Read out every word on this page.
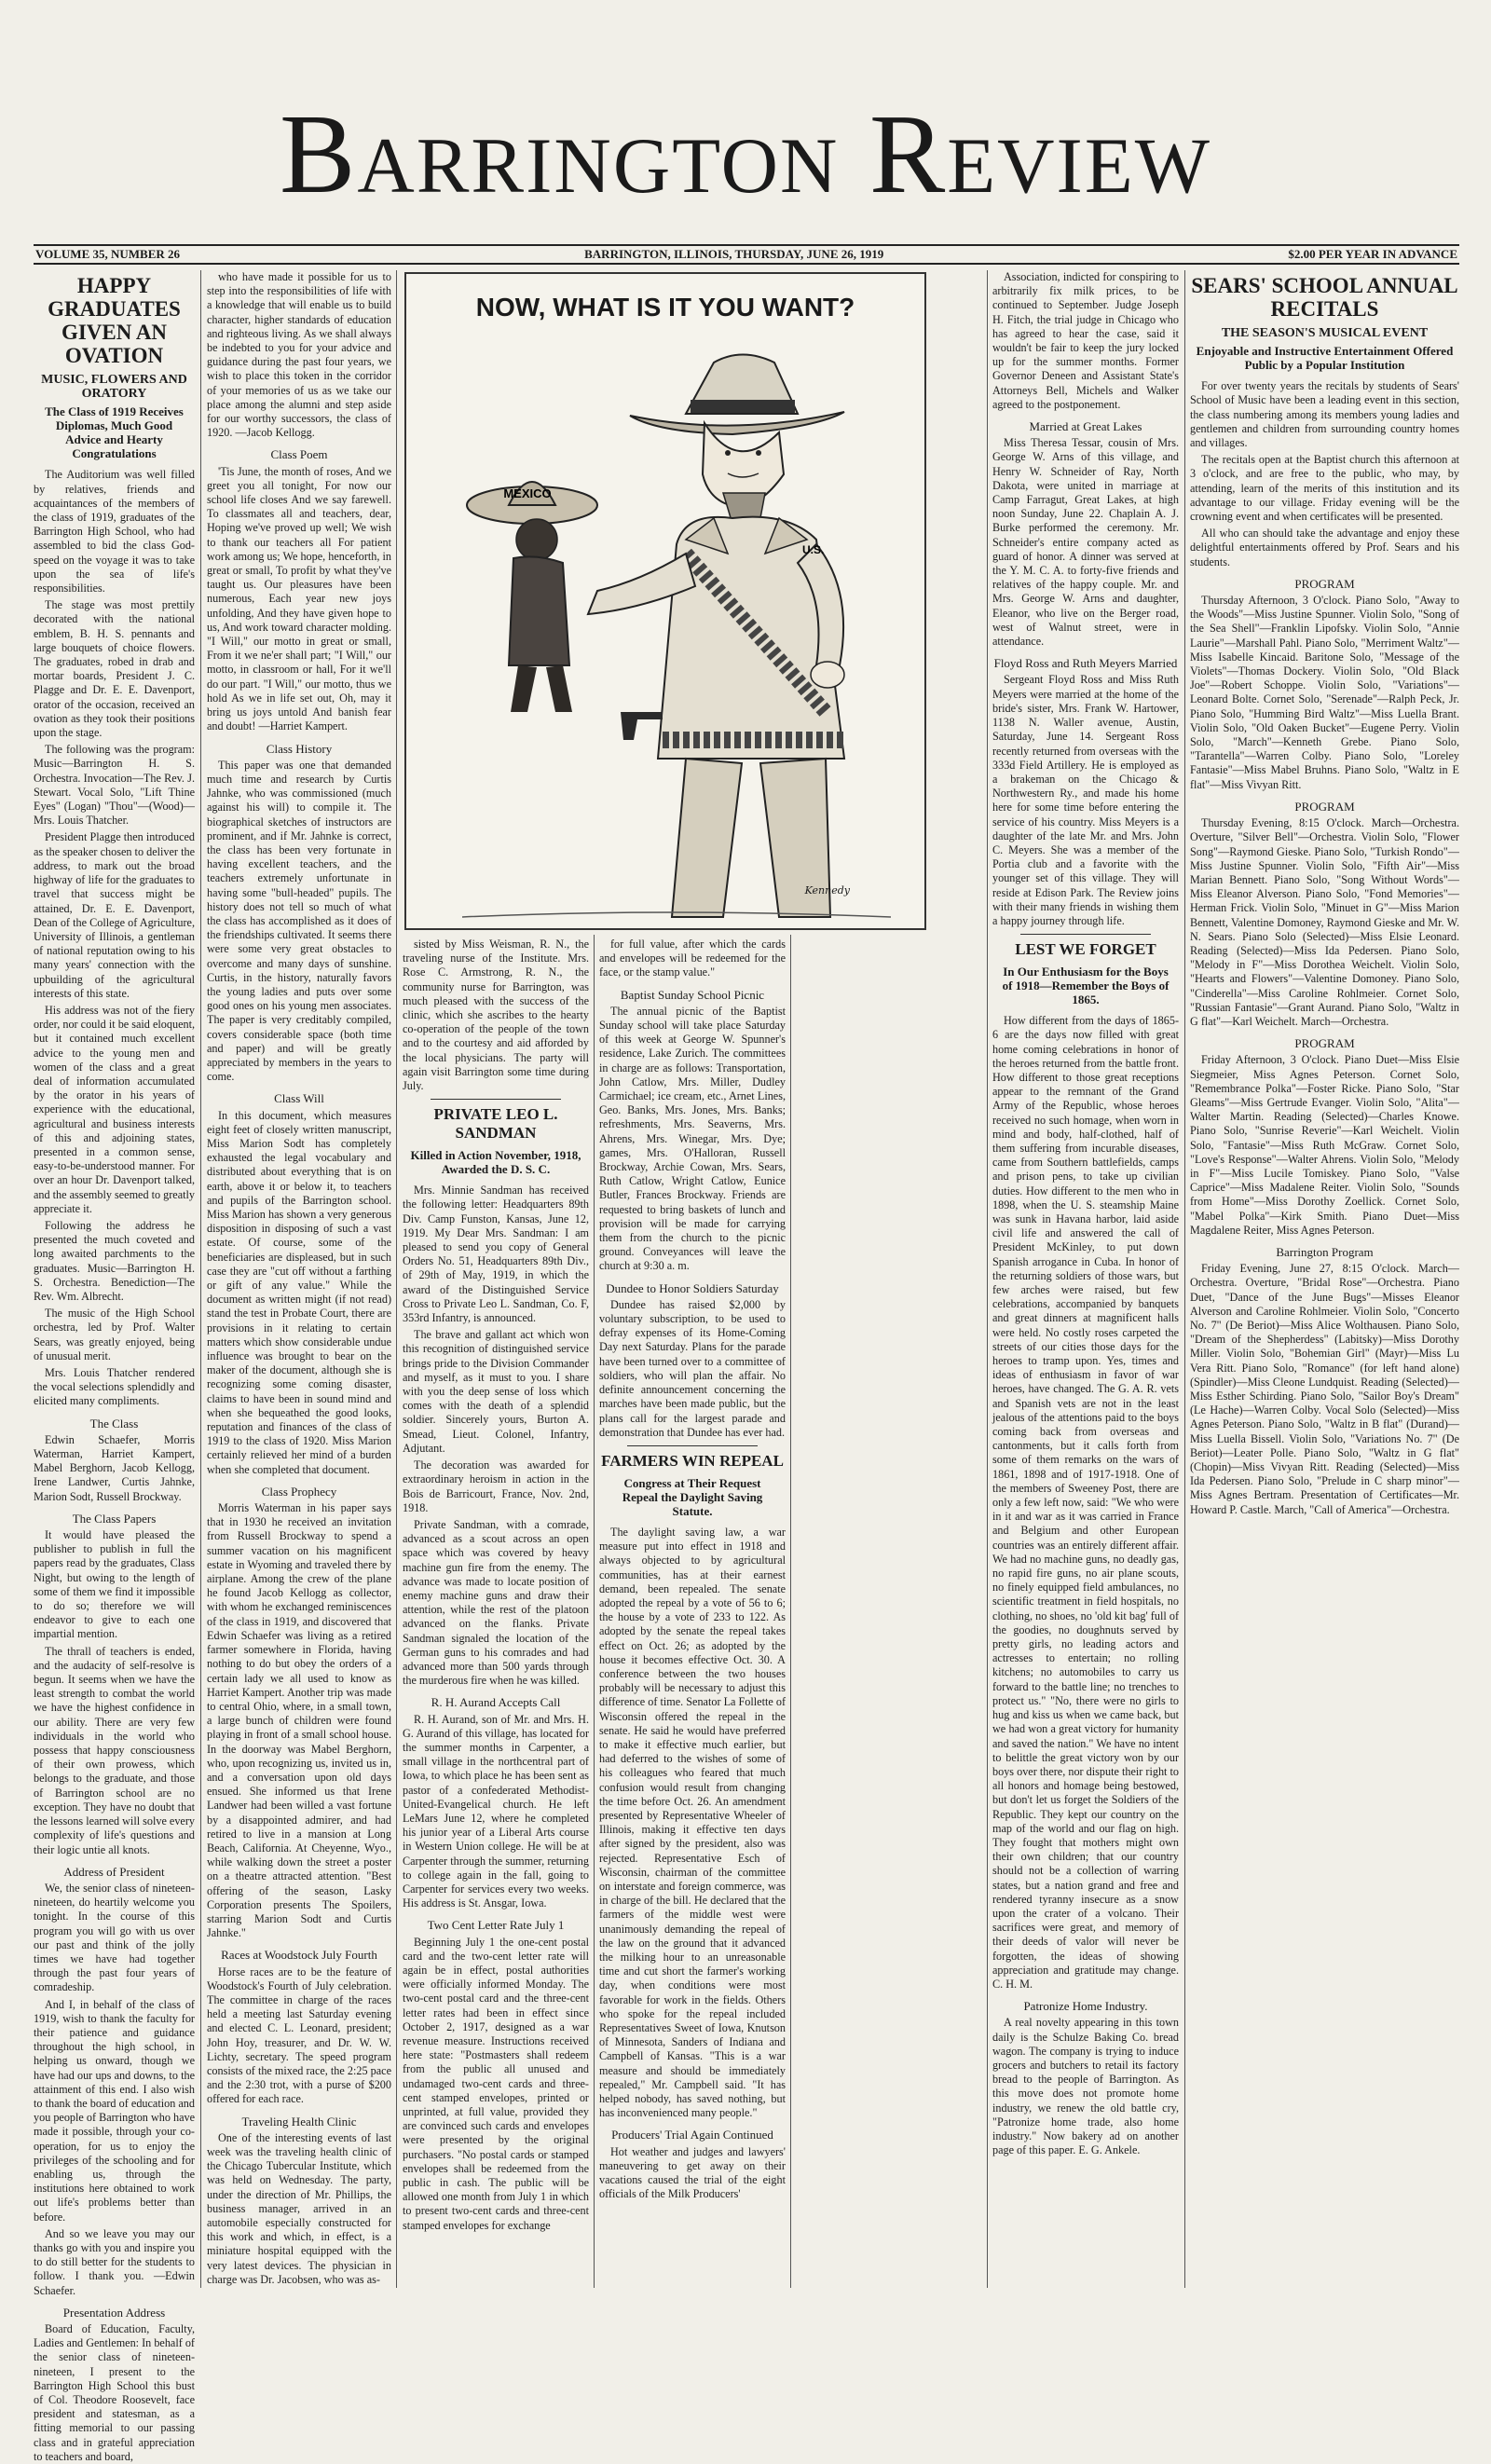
Barrington Review
VOLUME 35, NUMBER 26	BARRINGTON, ILLINOIS, THURSDAY, JUNE 26, 1919	$2.00 PER YEAR IN ADVANCE
HAPPY GRADUATES GIVEN AN OVATION
MUSIC, FLOWERS AND ORATORY
The Class of 1919 Receives Diplomas, Much Good Advice and Hearty Congratulations

The Auditorium was well filled by relatives, friends and acquaintances of the members of the class of 1919, graduates of the Barrington High School, who had assembled to bid the class God-speed on the voyage it was to take upon the sea of life's responsibilities.

The stage was most prettily decorated with the national emblem, B. H. S. pennants and large bouquets of choice flowers. The graduates, robed in drab and mortar boards, President J. C. Plagge and Dr. E. E. Davenport, orator of the occasion, received an ovation as they took their positions upon the stage.

The following was the program: Music—Barrington H. S. Orchestra. Invocation—The Rev. J. Stewart. Vocal Solo, "Lift Thine Eyes" (Logan) "Thou"—(Wood)—Mrs. Louis Thatcher.

President Plagge then introduced as the speaker chosen to deliver the address, to mark out the broad highway of life for the graduates to travel that success might be attained, Dr. E. E. Davenport, Dean of the College of Agriculture, University of Illinois, a gentleman of national reputation owing to his many years' connection with the upbuilding of the agricultural interests of this state.

His address was not of the fiery order, nor could it be said eloquent, but it contained much excellent advice to the young men and women of the class and a great deal of information accumulated by the orator in his years of experience with the educational, agricultural and business interests of this and adjoining states, presented in a common sense, easy-to-be-understood manner. For over an hour Dr. Davenport talked, and the assembly seemed to greatly appreciate it.

Following the address he presented the much coveted and long awaited parchments to the graduates. Music—Barrington H. S. Orchestra. Benediction—The Rev. Wm. Albrecht.

The music of the High School orchestra, led by Prof. Walter Sears, was greatly enjoyed, being of unusual merit.

Mrs. Louis Thatcher rendered the vocal selections splendidly and elicited many compliments.

The Class

Edwin Schaefer, Morris Waterman, Harriet Kampert, Mabel Berghorn, Jacob Kellogg, Irene Landwer, Curtis Jahnke, Marion Sodt, Russell Brockway.

The Class Papers

It would have pleased the publisher to publish in full the papers read by the graduates, Class Night, but owing to the length of some of them we find it impossible to do so; therefore we will endeavor to give to each one impartial mention.

The thrall of teachers is ended, and the audacity of self-resolve is begun. It seems when we have the least strength to combat the world we have the highest confidence in our ability. There are very few individuals in the world who possess that happy consciousness of their own prowess, which belongs to the graduate, and those of Barrington school are no exception. They have no doubt that the lessons learned will solve every complexity of life's questions and their logic untie all knots.

Address of President

We, the senior class of nineteen-nineteen, do heartily welcome you tonight. In the course of this program you will go with us over our past and think of the jolly times we have had together through the past four years of comradeship.

And I, in behalf of the class of 1919, wish to thank the faculty for their patience and guidance throughout the high school, in helping us onward, though we have had our ups and downs, to the attainment of this end. I also wish to thank the board of education and you people of Barrington who have made it possible, through your co-operation, for us to enjoy the privileges of the schooling and for enabling us, through the institutions here obtained to work out life's problems better than before.

And so we leave you may our thanks go with you and inspire you to do still better for the students to follow. I thank you. —Edwin Schaefer.

Presentation Address

Board of Education, Faculty, Ladies and Gentlemen: In behalf of the senior class of nineteen-nineteen, I present to the Barrington High School this bust of Col. Theodore Roosevelt, face president and statesman, as a fitting memorial to our passing class and in grateful appreciation to teachers and board,

who have made it possible for us to step into the responsibilities of life with a knowledge that will enable us to build character, higher standards of education and righteous living. As we shall always be indebted to you for your advice and guidance during the past four years, we wish to place this token in the corridor of your memories of us as we take our place among the alumni and step aside for our worthy successors, the class of 1920. —Jacob Kellogg.

Class Poem

'Tis June, the month of roses, And we greet you all tonight, For now our school life closes And we say farewell. To classmates all and teachers, dear, Hoping we've proved up well; We wish to thank our teachers all For patient work among us; We hope, henceforth, in great or small, To profit by what they've taught us. Our pleasures have been numerous, Each year new joys unfolding, And they have given hope to us, And work toward character molding. "I Will," our motto in great or small, From it we ne'er shall part; "I Will," our motto, in classroom or hall, For it we'll do our part. "I Will," our motto, thus we hold As we in life set out, Oh, may it bring us joys untold And banish fear and doubt! —Harriet Kampert.

Class History

This paper was one that demanded much time and research by Curtis Jahnke, who was commissioned (much against his will) to compile it. The biographical sketches of instructors are prominent, and if Mr. Jahnke is correct, the class has been very fortunate in having excellent teachers, and the teachers extremely unfortunate in having some "bull-headed" pupils. The history does not tell so much of what the class has accomplished as it does of the friendships cultivated. It seems there were some very great obstacles to overcome and many days of sunshine. Curtis, in the history, naturally favors the young ladies and puts over some good ones on his young men associates. The paper is very creditably compiled, covers considerable space (both time and paper) and will be greatly appreciated by members in the years to come.

Class Will

In this document, which measures eight feet of closely written manuscript, Miss Marion Sodt has completely exhausted the legal vocabulary and distributed about everything that is on earth, above it or below it, to teachers and pupils of the Barrington school. Miss Marion has shown a very generous disposition in disposing of such a vast estate. Of course, some of the beneficiaries are displeased, but in such case they are "cut off without a farthing or gift of any value." While the document as written might (if not read) stand the test in Probate Court, there are provisions in it relating to certain matters which show considerable undue influence was brought to bear on the maker of the document, although she is recognizing some coming disaster, claims to have been in sound mind and when she bequeathed the good looks, reputation and finances of the class of 1919 to the class of 1920. Miss Marion certainly relieved her mind of a burden when she completed that document.

Class Prophecy

Morris Waterman in his paper says that in 1930 he received an invitation from Russell Brockway to spend a summer vacation on his magnificent estate in Wyoming and traveled there by airplane. Among the crew of the plane he found Jacob Kellogg as collector, with whom he exchanged reminiscences of the class in 1919, and discovered that Edwin Schaefer was living as a retired farmer somewhere in Florida, having nothing to do but obey the orders of a certain lady we all used to know as Harriet Kampert. Another trip was made to central Ohio, where, in a small town, a large bunch of children were found playing in front of a small school house. In the doorway was Mabel Berghorn, who, upon recognizing us, invited us in, and a conversation upon old days ensued. She informed us that Irene Landwer had been willed a vast fortune by a disappointed admirer, and had retired to live in a mansion at Long Beach, California. At Cheyenne, Wyo., while walking down the street a poster on a theatre attracted attention. "Best offering of the season, Lasky Corporation presents The Spoilers, starring Marion Sodt and Curtis Jahnke."

Races at Woodstock July Fourth

Horse races are to be the feature of Woodstock's Fourth of July celebration. The committee in charge of the races held a meeting last Saturday evening and elected C. L. Leonard, president; John Hoy, treasurer, and Dr. W. W. Lichty, secretary. The speed program consists of the mixed race, the 2:25 pace and the 2:30 trot, with a purse of $200 offered for each race.

Traveling Health Clinic

One of the interesting events of last week was the traveling health clinic of the Chicago Tubercular Institute, which was held on Wednesday. The party, under the direction of Mr. Phillips, the business manager, arrived in an automobile especially constructed for this work and which, in effect, is a miniature hospital equipped with the very latest devices. The physician in charge was Dr. Jacobsen, who was as-

MEXICO
U.S.
NOW, WHAT IS IT YOU WANT?
Kennedy

sisted by Miss Weisman, R. N., the traveling nurse of the Institute. Mrs. Rose C. Armstrong, R. N., the community nurse for Barrington, was much pleased with the success of the clinic, which she ascribes to the hearty co-operation of the people of the town and to the courtesy and aid afforded by the local physicians. The party will again visit Barrington some time during July.

PRIVATE LEO L. SANDMAN
Killed in Action November, 1918, Awarded the D. S. C.

Mrs. Minnie Sandman has received the following letter: Headquarters 89th Div. Camp Funston, Kansas, June 12, 1919. My Dear Mrs. Sandman: I am pleased to send you copy of General Orders No. 51, Headquarters 89th Div., of 29th of May, 1919, in which the award of the Distinguished Service Cross to Private Leo L. Sandman, Co. F, 353rd Infantry, is announced.

The brave and gallant act which won this recognition of distinguished service brings pride to the Division Commander and myself, as it must to you. I share with you the deep sense of loss which comes with the death of a splendid soldier. Sincerely yours, Burton A. Smead, Lieut. Colonel, Infantry, Adjutant.

The decoration was awarded for extraordinary heroism in action in the Bois de Barricourt, France, Nov. 2nd, 1918.

Private Sandman, with a comrade, advanced as a scout across an open space which was covered by heavy machine gun fire from the enemy. The advance was made to locate position of enemy machine guns and draw their attention, while the rest of the platoon advanced on the flanks. Private Sandman signaled the location of the German guns to his comrades and had advanced more than 500 yards through the murderous fire when he was killed.

R. H. Aurand Accepts Call

R. H. Aurand, son of Mr. and Mrs. H. G. Aurand of this village, has located for the summer months in Carpenter, a small village in the northcentral part of Iowa, to which place he has been sent as pastor of a confederated Methodist-United-Evangelical church. He left LeMars June 12, where he completed his junior year of a Liberal Arts course in Western Union college. He will be at Carpenter through the summer, returning to college again in the fall, going to Carpenter for services every two weeks. His address is St. Ansgar, Iowa.

Two Cent Letter Rate July 1

Beginning July 1 the one-cent postal card and the two-cent letter rate will again be in effect, postal authorities were officially informed Monday. The two-cent postal card and the three-cent letter rates had been in effect since October 2, 1917, designed as a war revenue measure. Instructions received here state: "Postmasters shall redeem from the public all unused and undamaged two-cent cards and three-cent stamped envelopes, printed or unprinted, at full value, provided they are convinced such cards and envelopes were presented by the original purchasers. "No postal cards or stamped envelopes shall be redeemed from the public in cash. The public will be allowed one month from July 1 in which to present two-cent cards and three-cent stamped envelopes for exchange

for full value, after which the cards and envelopes will be redeemed for the face, or the stamp value."

Baptist Sunday School Picnic

The annual picnic of the Baptist Sunday school will take place Saturday of this week at George W. Spunner's residence, Lake Zurich. The committees in charge are as follows: Transportation, John Catlow, Mrs. Miller, Dudley Carmichael; ice cream, etc., Arnet Lines, Geo. Banks, Mrs. Jones, Mrs. Banks; refreshments, Mrs. Seaverns, Mrs. Ahrens, Mrs. Winegar, Mrs. Dye; games, Mrs. O'Halloran, Russell Brockway, Archie Cowan, Mrs. Sears, Ruth Catlow, Wright Catlow, Eunice Butler, Frances Brockway. Friends are requested to bring baskets of lunch and provision will be made for carrying them from the church to the picnic ground. Conveyances will leave the church at 9:30 a. m.

Dundee to Honor Soldiers Saturday

Dundee has raised $2,000 by voluntary subscription, to be used to defray expenses of its Home-Coming Day next Saturday. Plans for the parade have been turned over to a committee of soldiers, who will plan the affair. No definite announcement concerning the marches have been made public, but the plans call for the largest parade and demonstration that Dundee has ever had.

FARMERS WIN REPEAL
Congress at Their Request Repeal the Daylight Saving Statute.

The daylight saving law, a war measure put into effect in 1918 and always objected to by agricultural communities, has at their earnest demand, been repealed. The senate adopted the repeal by a vote of 56 to 6; the house by a vote of 233 to 122. As adopted by the senate the repeal takes effect on Oct. 26; as adopted by the house it becomes effective Oct. 30. A conference between the two houses probably will be necessary to adjust this difference of time. Senator La Follette of Wisconsin offered the repeal in the senate. He said he would have preferred to make it effective much earlier, but had deferred to the wishes of some of his colleagues who feared that much confusion would result from changing the time before Oct. 26. An amendment presented by Representative Wheeler of Illinois, making it effective ten days after signed by the president, also was rejected. Representative Esch of Wisconsin, chairman of the committee on interstate and foreign commerce, was in charge of the bill. He declared that the farmers of the middle west were unanimously demanding the repeal of the law on the ground that it advanced the milking hour to an unreasonable time and cut short the farmer's working day, when conditions were most favorable for work in the fields. Others who spoke for the repeal included Representatives Sweet of Iowa, Knutson of Minnesota, Sanders of Indiana and Campbell of Kansas. "This is a war measure and should be immediately repealed," Mr. Campbell said. "It has helped nobody, has saved nothing, but has inconvenienced many people."

Producers' Trial Again Continued

Hot weather and judges and lawyers' maneuvering to get away on their vacations caused the trial of the eight officials of the Milk Producers'

Association, indicted for conspiring to arbitrarily fix milk prices, to be continued to September. Judge Joseph H. Fitch, the trial judge in Chicago who has agreed to hear the case, said it wouldn't be fair to keep the jury locked up for the summer months. Former Governor Deneen and Assistant State's Attorneys Bell, Michels and Walker agreed to the postponement.

Married at Great Lakes

Miss Theresa Tessar, cousin of Mrs. George W. Arns of this village, and Henry W. Schneider of Ray, North Dakota, were united in marriage at Camp Farragut, Great Lakes, at high noon Sunday, June 22. Chaplain A. J. Burke performed the ceremony. Mr. Schneider's entire company acted as guard of honor. A dinner was served at the Y. M. C. A. to forty-five friends and relatives of the happy couple. Mr. and Mrs. George W. Arns and daughter, Eleanor, who live on the Berger road, west of Walnut street, were in attendance.

Floyd Ross and Ruth Meyers Married

Sergeant Floyd Ross and Miss Ruth Meyers were married at the home of the bride's sister, Mrs. Frank W. Hartower, 1138 N. Waller avenue, Austin, Saturday, June 14. Sergeant Ross recently returned from overseas with the 333d Field Artillery. He is employed as a brakeman on the Chicago & Northwestern Ry., and made his home here for some time before entering the service of his country. Miss Meyers is a daughter of the late Mr. and Mrs. John C. Meyers. She was a member of the Portia club and a favorite with the younger set of this village. They will reside at Edison Park. The Review joins with their many friends in wishing them a happy journey through life.

LEST WE FORGET
In Our Enthusiasm for the Boys of 1918—Remember the Boys of 1865.

How different from the days of 1865-6 are the days now filled with great home coming celebrations in honor of the heroes returned from the battle front. How different to those great receptions appear to the remnant of the Grand Army of the Republic, whose heroes received no such homage, when worn in mind and body, half-clothed, half of them suffering from incurable diseases, came from Southern battlefields, camps and prison pens, to take up civilian duties. How different to the men who in 1898, when the U. S. steamship Maine was sunk in Havana harbor, laid aside civil life and answered the call of President McKinley, to put down Spanish arrogance in Cuba. In honor of the returning soldiers of those wars, but few arches were raised, but few celebrations, accompanied by banquets and great dinners at magnificent halls were held. No costly roses carpeted the streets of our cities those days for the heroes to tramp upon. Yes, times and ideas of enthusiasm in favor of war heroes, have changed. The G. A. R. vets and Spanish vets are not in the least jealous of the attentions paid to the boys coming back from overseas and cantonments, but it calls forth from some of them remarks on the wars of 1861, 1898 and of 1917-1918. One of the members of Sweeney Post, there are only a few left now, said: "We who were in it and war as it was carried in France and Belgium and other European countries was an entirely different affair. We had no machine guns, no deadly gas, no rapid fire guns, no air plane scouts, no finely equipped field ambulances, no scientific treatment in field hospitals, no clothing, no shoes, no 'old kit bag' full of the goodies, no doughnuts served by pretty girls, no leading actors and actresses to entertain; no rolling kitchens; no automobiles to carry us forward to the battle line; no trenches to protect us." "No, there were no girls to hug and kiss us when we came back, but we had won a great victory for humanity and saved the nation." We have no intent to belittle the great victory won by our boys over there, nor dispute their right to all honors and homage being bestowed, but don't let us forget the Soldiers of the Republic. They kept our country on the map of the world and our flag on high. They fought that mothers might own their own children; that our country should not be a collection of warring states, but a nation grand and free and rendered tyranny insecure as a snow upon the crater of a volcano. Their sacrifices were great, and memory of their deeds of valor will never be forgotten, the ideas of showing appreciation and gratitude may change. C. H. M.

Patronize Home Industry.

A real novelty appearing in this town daily is the Schulze Baking Co. bread wagon. The company is trying to induce grocers and butchers to retail its factory bread to the people of Barrington. As this move does not promote home industry, we renew the old battle cry, "Patronize home trade, also home industry." Now bakery ad on another page of this paper. E. G. Ankele.

SEARS' SCHOOL ANNUAL RECITALS
THE SEASON'S MUSICAL EVENT
Enjoyable and Instructive Entertainment Offered Public by a Popular Institution

For over twenty years the recitals by students of Sears' School of Music have been a leading event in this section, the class numbering among its members young ladies and gentlemen and children from surrounding country homes and villages.

The recitals open at the Baptist church this afternoon at 3 o'clock, and are free to the public, who may, by attending, learn of the merits of this institution and its advantage to our village. Friday evening will be the crowning event and when certificates will be presented.

All who can should take the advantage and enjoy these delightful entertainments offered by Prof. Sears and his students.

PROGRAM

Thursday Afternoon, 3 O'clock. Piano Solo, "Away to the Woods"—Miss Justine Spunner. Violin Solo, "Song of the Sea Shell"—Franklin Lipofsky. Violin Solo, "Annie Laurie"—Marshall Pahl. Piano Solo, "Merriment Waltz"—Miss Isabelle Kincaid. Baritone Solo, "Message of the Violets"—Thomas Dockery. Violin Solo, "Old Black Joe"—Robert Schoppe. Violin Solo, "Variations"—Leonard Bolte. Cornet Solo, "Serenade"—Ralph Peck, Jr. Piano Solo, "Humming Bird Waltz"—Miss Luella Brant. Violin Solo, "Old Oaken Bucket"—Eugene Perry. Violin Solo, "March"—Kenneth Grebe. Piano Solo, "Tarantella"—Warren Colby. Piano Solo, "Loreley Fantasie"—Miss Mabel Bruhns. Piano Solo, "Waltz in E flat"—Miss Vivyan Ritt.

PROGRAM

Thursday Evening, 8:15 O'clock. March—Orchestra. Overture, "Silver Bell"—Orchestra. Violin Solo, "Flower Song"—Raymond Gieske. Piano Solo, "Turkish Rondo"—Miss Justine Spunner. Violin Solo, "Fifth Air"—Miss Marian Bennett. Piano Solo, "Song Without Words"—Miss Eleanor Alverson. Piano Solo, "Fond Memories"—Herman Frick. Violin Solo, "Minuet in G"—Miss Marion Bennett, Valentine Domoney, Raymond Gieske and Mr. W. N. Sears. Piano Solo (Selected)—Miss Elsie Leonard. Reading (Selected)—Miss Ida Pedersen. Piano Solo, "Melody in F"—Miss Dorothea Weichelt. Violin Solo, "Hearts and Flowers"—Valentine Domoney. Piano Solo, "Cinderella"—Miss Caroline Rohlmeier. Cornet Solo, "Russian Fantasie"—Grant Aurand. Piano Solo, "Waltz in G flat"—Karl Weichelt. March—Orchestra.

PROGRAM

Friday Afternoon, 3 O'clock. Piano Duet—Miss Elsie Siegmeier, Miss Agnes Peterson. Cornet Solo, "Remembrance Polka"—Foster Ricke. Piano Solo, "Star Gleams"—Miss Gertrude Evanger. Violin Solo, "Alita"—Walter Martin. Reading (Selected)—Charles Knowe. Piano Solo, "Sunrise Reverie"—Karl Weichelt. Violin Solo, "Fantasie"—Miss Ruth McGraw. Cornet Solo, "Love's Response"—Walter Ahrens. Violin Solo, "Melody in F"—Miss Lucile Tomiskey. Piano Solo, "Valse Caprice"—Miss Madalene Reiter. Violin Solo, "Sounds from Home"—Miss Dorothy Zoellick. Cornet Solo, "Mabel Polka"—Kirk Smith. Piano Duet—Miss Magdalene Reiter, Miss Agnes Peterson.

Barrington Program

Friday Evening, June 27, 8:15 O'clock. March—Orchestra. Overture, "Bridal Rose"—Orchestra. Piano Duet, "Dance of the June Bugs"—Misses Eleanor Alverson and Caroline Rohlmeier. Violin Solo, "Concerto No. 7" (De Beriot)—Miss Alice Wolthausen. Piano Solo, "Dream of the Shepherdess" (Labitsky)—Miss Dorothy Miller. Violin Solo, "Bohemian Girl" (Mayr)—Miss Lu Vera Ritt. Piano Solo, "Romance" (for left hand alone) (Spindler)—Miss Cleone Lundquist. Reading (Selected)—Miss Esther Schirding. Piano Solo, "Sailor Boy's Dream" (Le Hache)—Warren Colby. Vocal Solo (Selected)—Miss Agnes Peterson. Piano Solo, "Waltz in B flat" (Durand)—Miss Luella Bissell. Violin Solo, "Variations No. 7" (De Beriot)—Leater Polle. Piano Solo, "Waltz in G flat" (Chopin)—Miss Vivyan Ritt. Reading (Selected)—Miss Ida Pedersen. Piano Solo, "Prelude in C sharp minor"—Miss Agnes Bertram. Presentation of Certificates—Mr. Howard P. Castle. March, "Call of America"—Orchestra.
